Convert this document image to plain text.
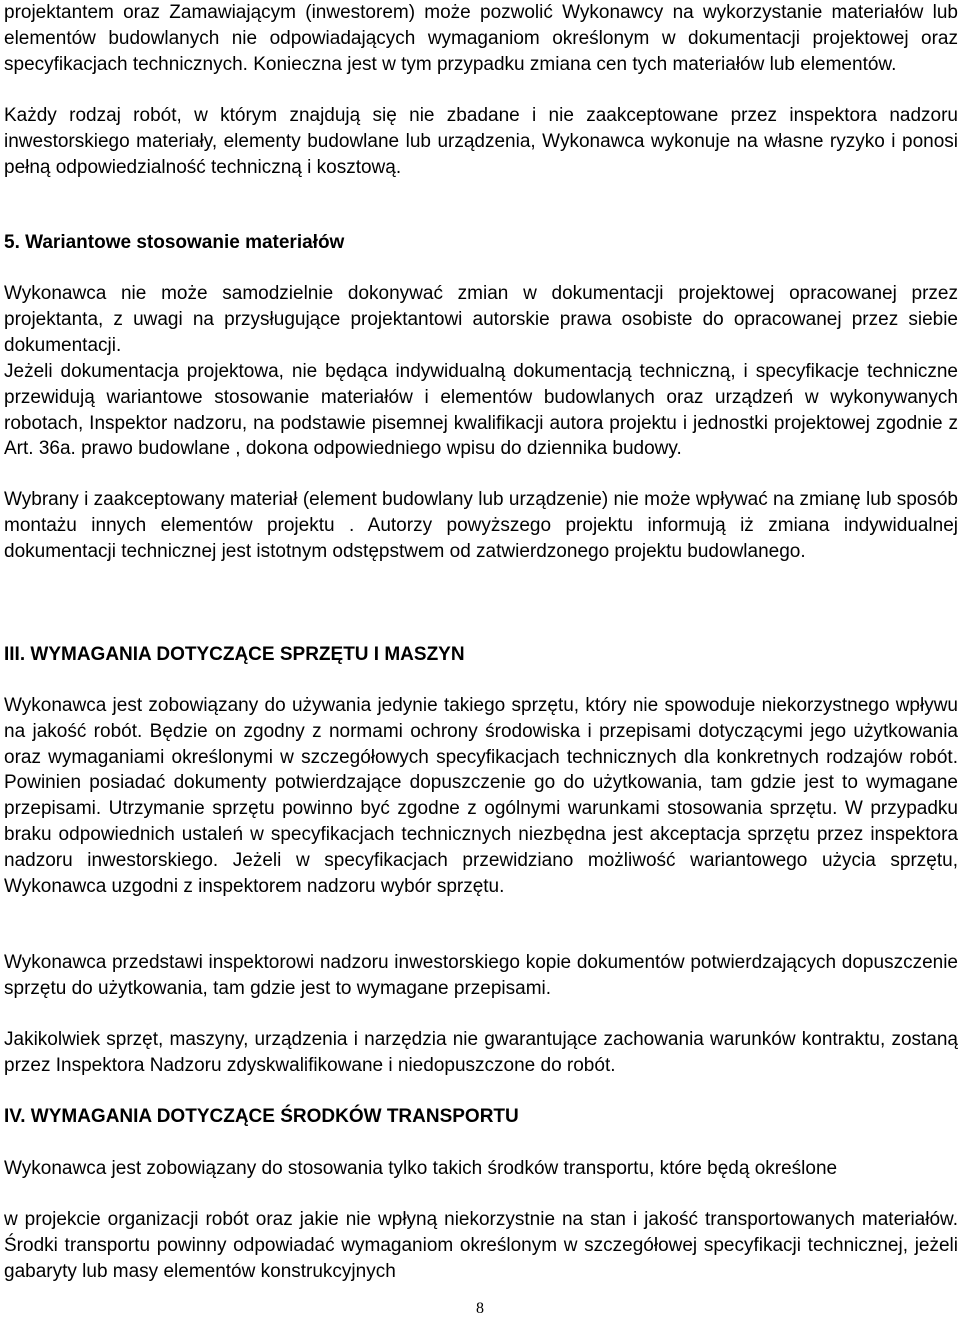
projektantem oraz Zamawiającym (inwestorem) może pozwolić Wykonawcy na wykorzystanie materiałów lub elementów budowlanych nie odpowiadających wymaganiom określonym w dokumentacji projektowej oraz specyfikacjach technicznych. Konieczna jest w tym przypadku zmiana cen tych materiałów lub elementów.

Każdy rodzaj robót, w którym znajdują się nie zbadane i nie zaakceptowane przez inspektora nadzoru inwestorskiego materiały, elementy budowlane lub urządzenia, Wykonawca wykonuje na własne ryzyko i ponosi pełną odpowiedzialność techniczną i kosztową.

5. Wariantowe stosowanie materiałów

Wykonawca nie może samodzielnie dokonywać zmian w dokumentacji projektowej opracowanej przez projektanta, z uwagi na przysługujące projektantowi autorskie prawa osobiste do opracowanej przez siebie dokumentacji.

Jeżeli dokumentacja projektowa, nie będąca indywidualną dokumentacją techniczną, i specyfikacje techniczne przewidują wariantowe stosowanie materiałów i elementów budowlanych oraz urządzeń w wykonywanych robotach, Inspektor nadzoru, na podstawie pisemnej kwalifikacji autora projektu i jednostki projektowej zgodnie z Art. 36a. prawo budowlane , dokona odpowiedniego wpisu do dziennika budowy.

Wybrany i zaakceptowany materiał (element budowlany lub urządzenie) nie może wpływać na zmianę lub sposób montażu innych elementów projektu . Autorzy powyższego projektu informują iż zmiana indywidualnej dokumentacji technicznej jest istotnym odstępstwem od zatwierdzonego projektu budowlanego.

III. WYMAGANIA DOTYCZĄCE SPRZĘTU I MASZYN

Wykonawca jest zobowiązany do używania jedynie takiego sprzętu, który nie spowoduje niekorzystnego wpływu na jakość robót. Będzie on zgodny z normami ochrony środowiska i przepisami dotyczącymi jego użytkowania oraz wymaganiami określonymi w szczegółowych specyfikacjach technicznych dla konkretnych rodzajów robót. Powinien posiadać dokumenty potwierdzające dopuszczenie go do użytkowania, tam gdzie jest to wymagane przepisami. Utrzymanie sprzętu powinno być zgodne z ogólnymi warunkami stosowania sprzętu. W przypadku braku odpowiednich ustaleń w specyfikacjach technicznych niezbędna jest akceptacja sprzętu przez inspektora nadzoru inwestorskiego. Jeżeli w specyfikacjach przewidziano możliwość wariantowego użycia sprzętu, Wykonawca uzgodni z inspektorem nadzoru wybór sprzętu.

Wykonawca przedstawi inspektorowi nadzoru inwestorskiego kopie dokumentów potwierdzających dopuszczenie sprzętu do użytkowania, tam gdzie jest to wymagane przepisami.

Jakikolwiek sprzęt, maszyny, urządzenia i narzędzia nie gwarantujące zachowania warunków kontraktu, zostaną przez Inspektora Nadzoru zdyskwalifikowane i niedopuszczone do robót.

IV. WYMAGANIA DOTYCZĄCE ŚRODKÓW TRANSPORTU

Wykonawca jest zobowiązany do stosowania tylko takich środków transportu, które będą określone

w projekcie organizacji robót oraz jakie nie wpłyną niekorzystnie na stan i jakość transportowanych materiałów. Środki transportu powinny odpowiadać wymaganiom określonym w szczegółowej specyfikacji technicznej, jeżeli gabaryty lub masy elementów konstrukcyjnych

8
